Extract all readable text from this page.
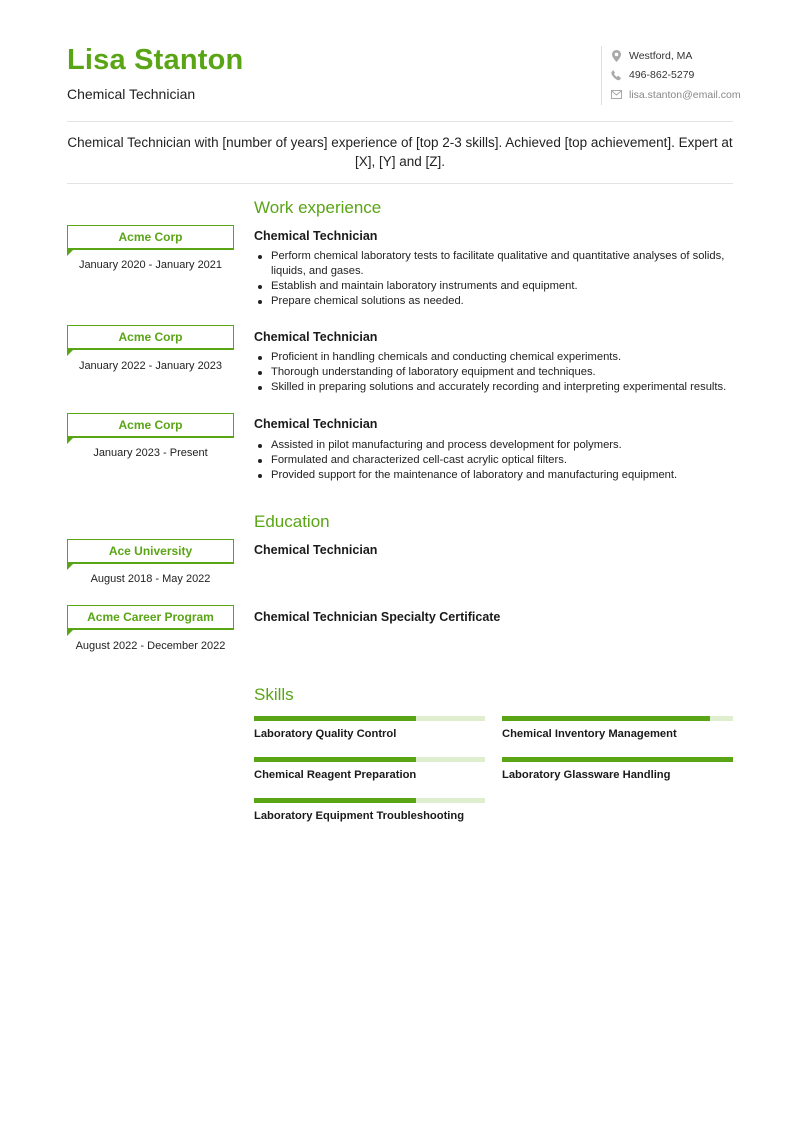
Lisa Stanton
Chemical Technician
Westford, MA
496-862-5279
lisa.stanton@email.com
Chemical Technician with [number of years] experience of [top 2-3 skills]. Achieved [top achievement]. Expert at [X], [Y] and [Z].
Work experience
Acme Corp
January 2020 - January 2021
Chemical Technician
Perform chemical laboratory tests to facilitate qualitative and quantitative analyses of solids, liquids, and gases.
Establish and maintain laboratory instruments and equipment.
Prepare chemical solutions as needed.
Acme Corp
January 2022 - January 2023
Chemical Technician
Proficient in handling chemicals and conducting chemical experiments.
Thorough understanding of laboratory equipment and techniques.
Skilled in preparing solutions and accurately recording and interpreting experimental results.
Acme Corp
January 2023 - Present
Chemical Technician
Assisted in pilot manufacturing and process development for polymers.
Formulated and characterized cell-cast acrylic optical filters.
Provided support for the maintenance of laboratory and manufacturing equipment.
Education
Ace University
August 2018 - May 2022
Chemical Technician
Acme Career Program
August 2022 - December 2022
Chemical Technician Specialty Certificate
Skills
Laboratory Quality Control	Chemical Inventory Management
Chemical Reagent Preparation	Laboratory Glassware Handling
Laboratory Equipment Troubleshooting
